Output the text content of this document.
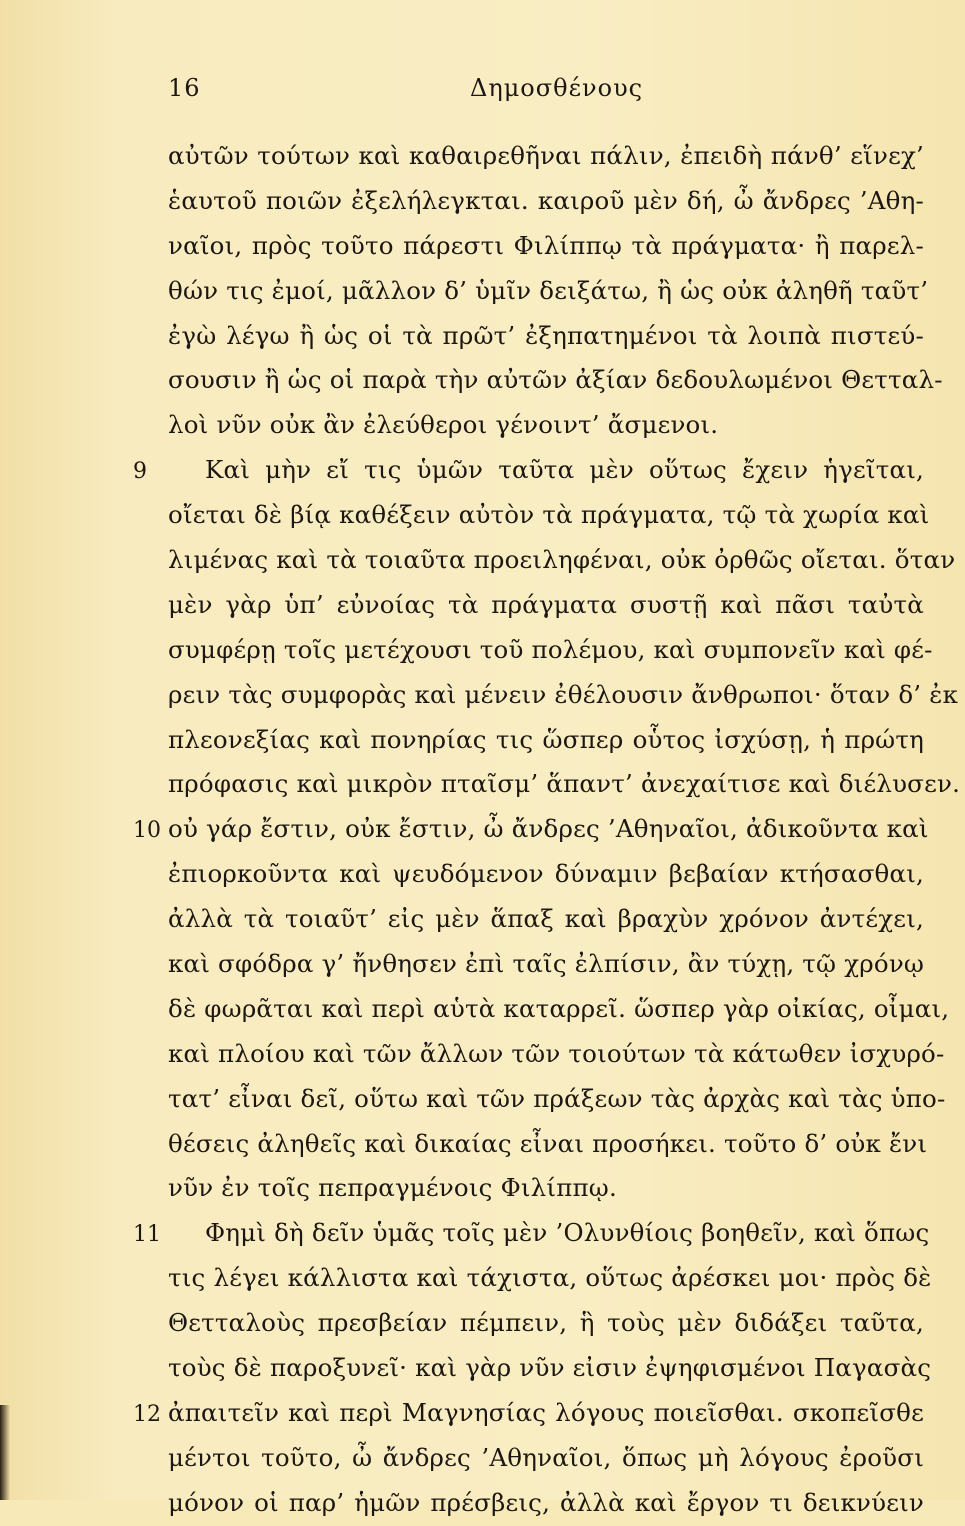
16	Δημοσθένους
αὐτῶν τούτων καὶ καθαιρεθῆναι πάλιν, ἐπειδὴ πάνθ’ εἵνεχ’
ἑαυτοῦ ποιῶν ἐξελήλεγκται. καιροῦ μὲν δή, ὦ ἄνδρες ’Αθη-
ναῖοι, πρὸς τοῦτο πάρεστι Φιλίππῳ τὰ πράγματα· ἢ παρελ-
θών τις ἐμοί, μᾶλλον δ’ ὑμῖν δειξάτω, ἢ ὡς οὐκ ἀληθῆ ταῦτ’
ἐγὼ λέγω ἢ ὡς οἱ τὰ πρῶτ’ ἐξηπατημένοι τὰ λοιπὰ πιστεύ-
σουσιν ἢ ὡς οἱ παρὰ τὴν αὐτῶν ἀξίαν δεδουλωμένοι Θετταλ-
λοὶ νῦν οὐκ ἂν ἐλεύθεροι γένοιντ’ ἄσμενοι.
9 Καὶ μὴν εἴ τις ὑμῶν ταῦτα μὲν οὕτως ἔχειν ἡγεῖται,
οἴεται δὲ βίᾳ καθέξειν αὐτὸν τὰ πράγματα, τῷ τὰ χωρία καὶ
λιμένας καὶ τὰ τοιαῦτα προειληφέναι, οὐκ ὀρθῶς οἴεται. ὅταν
μὲν γὰρ ὑπ’ εὐνοίας τὰ πράγματα συστῇ καὶ πᾶσι ταὐτὰ
συμφέρῃ τοῖς μετέχουσι τοῦ πολέμου, καὶ συμπονεῖν καὶ φέ-
ρειν τὰς συμφορὰς καὶ μένειν ἐθέλουσιν ἄνθρωποι· ὅταν δ’ ἐκ
πλεονεξίας καὶ πονηρίας τις ὥσπερ οὗτος ἰσχύσῃ, ἡ πρώτη
πρόφασις καὶ μικρὸν πταῖσμ’ ἅπαντ’ ἀνεχαίτισε καὶ διέλυσεν.
10 οὐ γάρ ἔστιν, οὐκ ἔστιν, ὦ ἄνδρες ’Αθηναῖοι, ἀδικοῦντα καὶ
ἐπιορκοῦντα καὶ ψευδόμενον δύναμιν βεβαίαν κτήσασθαι,
ἀλλὰ τὰ τοιαῦτ’ εἰς μὲν ἅπαξ καὶ βραχὺν χρόνον ἀντέχει,
καὶ σφόδρα γ’ ἤνθησεν ἐπὶ ταῖς ἐλπίσιν, ἂν τύχῃ, τῷ χρόνῳ
δὲ φωρᾶται καὶ περὶ αὑτὰ καταρρεῖ. ὥσπερ γὰρ οἰκίας, οἶμαι,
καὶ πλοίου καὶ τῶν ἄλλων τῶν τοιούτων τὰ κάτωθεν ἰσχυρό-
τατ’ εἶναι δεῖ, οὕτω καὶ τῶν πράξεων τὰς ἀρχὰς καὶ τὰς ὑπο-
θέσεις ἀληθεῖς καὶ δικαίας εἶναι προσήκει. τοῦτο δ’ οὐκ ἔνι
νῦν ἐν τοῖς πεπραγμένοις Φιλίππῳ.
11 Φημὶ δὴ δεῖν ὑμᾶς τοῖς μὲν ’Ολυνθίοις βοηθεῖν, καὶ ὅπως
τις λέγει κάλλιστα καὶ τάχιστα, οὕτως ἀρέσκει μοι· πρὸς δὲ
Θετταλοὺς πρεσβείαν πέμπειν, ἣ τοὺς μὲν διδάξει ταῦτα,
τοὺς δὲ παροξυνεῖ· καὶ γὰρ νῦν εἰσιν ἐψηφισμένοι Παγασὰς
12 ἀπαιτεῖν καὶ περὶ Μαγνησίας λόγους ποιεῖσθαι. σκοπεῖσθε
μέντοι τοῦτο, ὦ ἄνδρες ’Αθηναῖοι, ὅπως μὴ λόγους ἐροῦσι
μόνον οἱ παρ’ ἡμῶν πρέσβεις, ἀλλὰ καὶ ἔργον τι δεικνύειν
